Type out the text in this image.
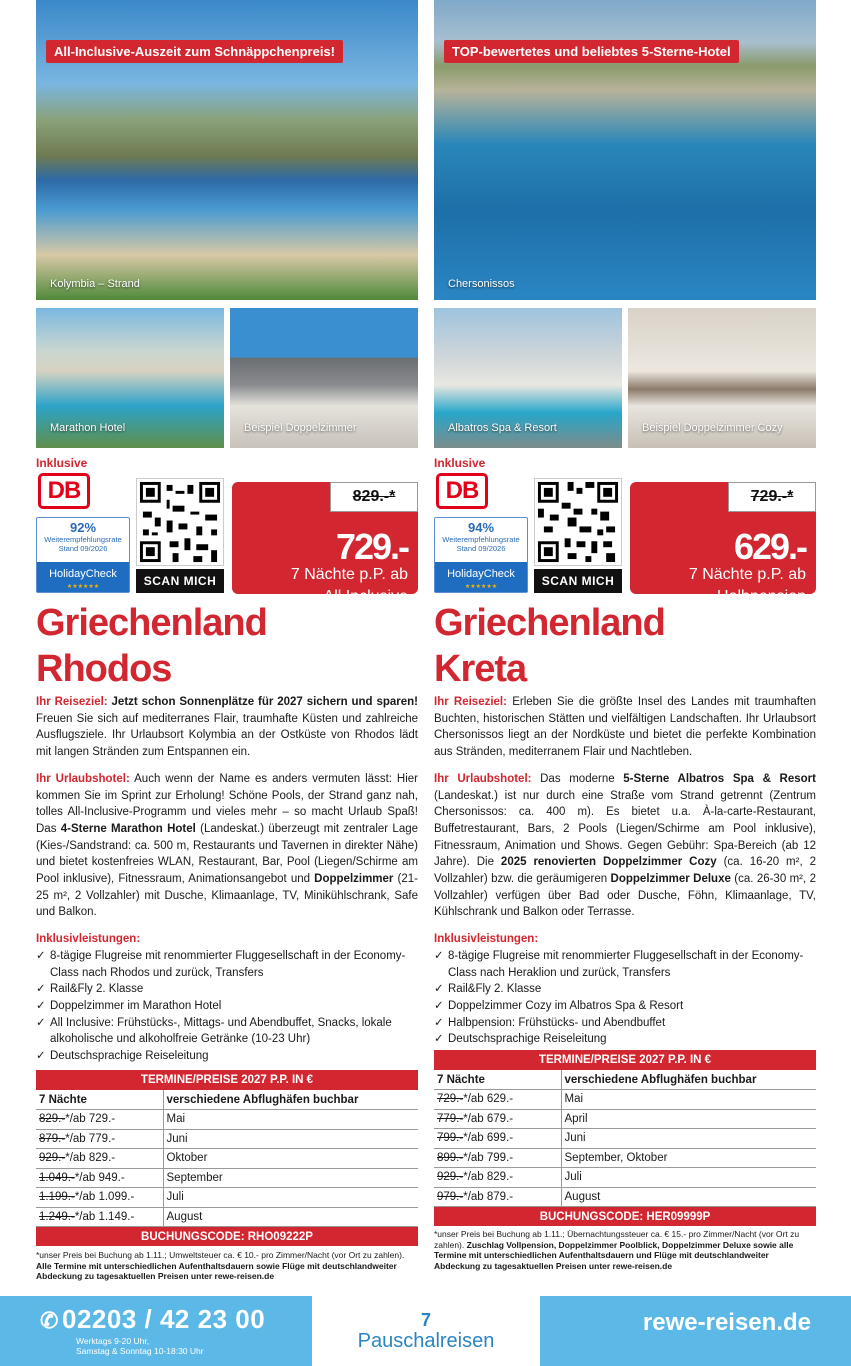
All-Inclusive-Auszeit zum Schnäppchenpreis!
Kolymbia – Strand
Marathon Hotel	Beispiel Doppelzimmer
Inklusive
DB
92%
Weiterempfehlungsrate
Stand 09/2026
HolidayCheck
★★★★★★	SCAN MICH
829.-*
729.-
7 Nächte p.P. ab
All Inclusive
Griechenland
Rhodos

Ihr Reiseziel: Jetzt schon Sonnenplätze für 2027 sichern und sparen! Freuen Sie sich auf mediterranes Flair, traumhafte Küsten und zahlreiche Ausflugsziele. Ihr Urlaubsort Kolymbia an der Ostküste von Rhodos lädt mit langen Stränden zum Entspannen ein.

Ihr Urlaubshotel: Auch wenn der Name es anders vermuten lässt: Hier kommen Sie im Sprint zur Erholung! Schöne Pools, der Strand ganz nah, tolles All-Inclusive-Programm und vieles mehr – so macht Urlaub Spaß! Das 4-Sterne Marathon Hotel (Landeskat.) überzeugt mit zentraler Lage (Kies-/Sandstrand: ca. 500 m, Restaurants und Tavernen in direkter Nähe) und bietet kostenfreies WLAN, Restaurant, Bar, Pool (Liegen/Schirme am Pool inklusive), Fitnessraum, Animationsangebot und Doppelzimmer (21-25 m², 2 Vollzahler) mit Dusche, Klimaanlage, TV, Minikühlschrank, Safe und Balkon.

Inklusivleistungen:
✓ 8-tägige Flugreise mit renommierter Fluggesellschaft in der Economy-Class nach Rhodos und zurück, Transfers
✓ Rail&Fly 2. Klasse
✓ Doppelzimmer im Marathon Hotel
✓ All Inclusive: Frühstücks-, Mittags- und Abendbuffet, Snacks, lokale alkoholische und alkoholfreie Getränke (10-23 Uhr)
✓ Deutschsprachige Reiseleitung
TERMINE/PREISE 2027 P.P. IN €	
7 Nächte	verschiedene Abflughäfen buchbar
829.-*/ab 729.-	Mai
879.-*/ab 779.-	Juni
929.-*/ab 829.-	Oktober
1.049.-*/ab 949.-	September
1.199.-*/ab 1.099.-	Juli
1.249.-*/ab 1.149.-	August
BUCHUNGSCODE: RHO09222P	
*unser Preis bei Buchung ab 1.11.; Umweltsteuer ca. € 10.- pro Zimmer/Nacht (vor Ort zu zahlen). Alle Termine mit unterschiedlichen Aufenthaltsdauern sowie Flüge mit deutschlandweiter Abdeckung zu tagesaktuellen Preisen unter rewe-reisen.de
TOP-bewertetes und beliebtes 5-Sterne-Hotel
Chersonissos
Albatros Spa & Resort	Beispiel Doppelzimmer Cozy
Inklusive
DB
94%
Weiterempfehlungsrate
Stand 09/2026
HolidayCheck
★★★★★★	SCAN MICH
729.-*
629.-
7 Nächte p.P. ab
Halbpension
Griechenland
Kreta

Ihr Reiseziel: Erleben Sie die größte Insel des Landes mit traumhaften Buchten, historischen Stätten und vielfältigen Landschaften. Ihr Urlaubsort Chersonissos liegt an der Nordküste und bietet die perfekte Kombination aus Stränden, mediterranem Flair und Nachtleben.

Ihr Urlaubshotel: Das moderne 5-Sterne Albatros Spa & Resort (Landeskat.) ist nur durch eine Straße vom Strand getrennt (Zentrum Chersonissos: ca. 400 m). Es bietet u.a. À-la-carte-Restaurant, Buffetrestaurant, Bars, 2 Pools (Liegen/Schirme am Pool inklusive), Fitnessraum, Animation und Shows. Gegen Gebühr: Spa-Bereich (ab 12 Jahre). Die 2025 renovierten Doppelzimmer Cozy (ca. 16-20 m², 2 Vollzahler) bzw. die geräumigeren Doppelzimmer Deluxe (ca. 26-30 m², 2 Vollzahler) verfügen über Bad oder Dusche, Föhn, Klimaanlage, TV, Kühlschrank und Balkon oder Terrasse.

Inklusivleistungen:
✓ 8-tägige Flugreise mit renommierter Fluggesellschaft in der Economy-Class nach Heraklion und zurück, Transfers
✓ Rail&Fly 2. Klasse
✓ Doppelzimmer Cozy im Albatros Spa & Resort
✓ Halbpension: Frühstücks- und Abendbuffet
✓ Deutschsprachige Reiseleitung
TERMINE/PREISE 2027 P.P. IN €	
7 Nächte	verschiedene Abflughäfen buchbar
729.-*/ab 629.-	Mai
779.-*/ab 679.-	April
799.-*/ab 699.-	Juni
899.-*/ab 799.-	September, Oktober
929.-*/ab 829.-	Juli
979.-*/ab 879.-	August
BUCHUNGSCODE: HER09999P	
*unser Preis bei Buchung ab 1.11.; Übernachtungssteuer ca. € 15.- pro Zimmer/Nacht (vor Ort zu zahlen). Zuschlag Vollpension, Doppelzimmer Poolblick, Doppelzimmer Deluxe sowie alle Termine mit unterschiedlichen Aufenthaltsdauern und Flüge mit deutschlandweiter Abdeckung zu tagesaktuellen Preisen unter rewe-reisen.de
✆ 02203 / 42 23 00
Werktags 9-20 Uhr,
Samstag & Sonntag 10-18:30 Uhr
7
Pauschalreisen
rewe-reisen.de
